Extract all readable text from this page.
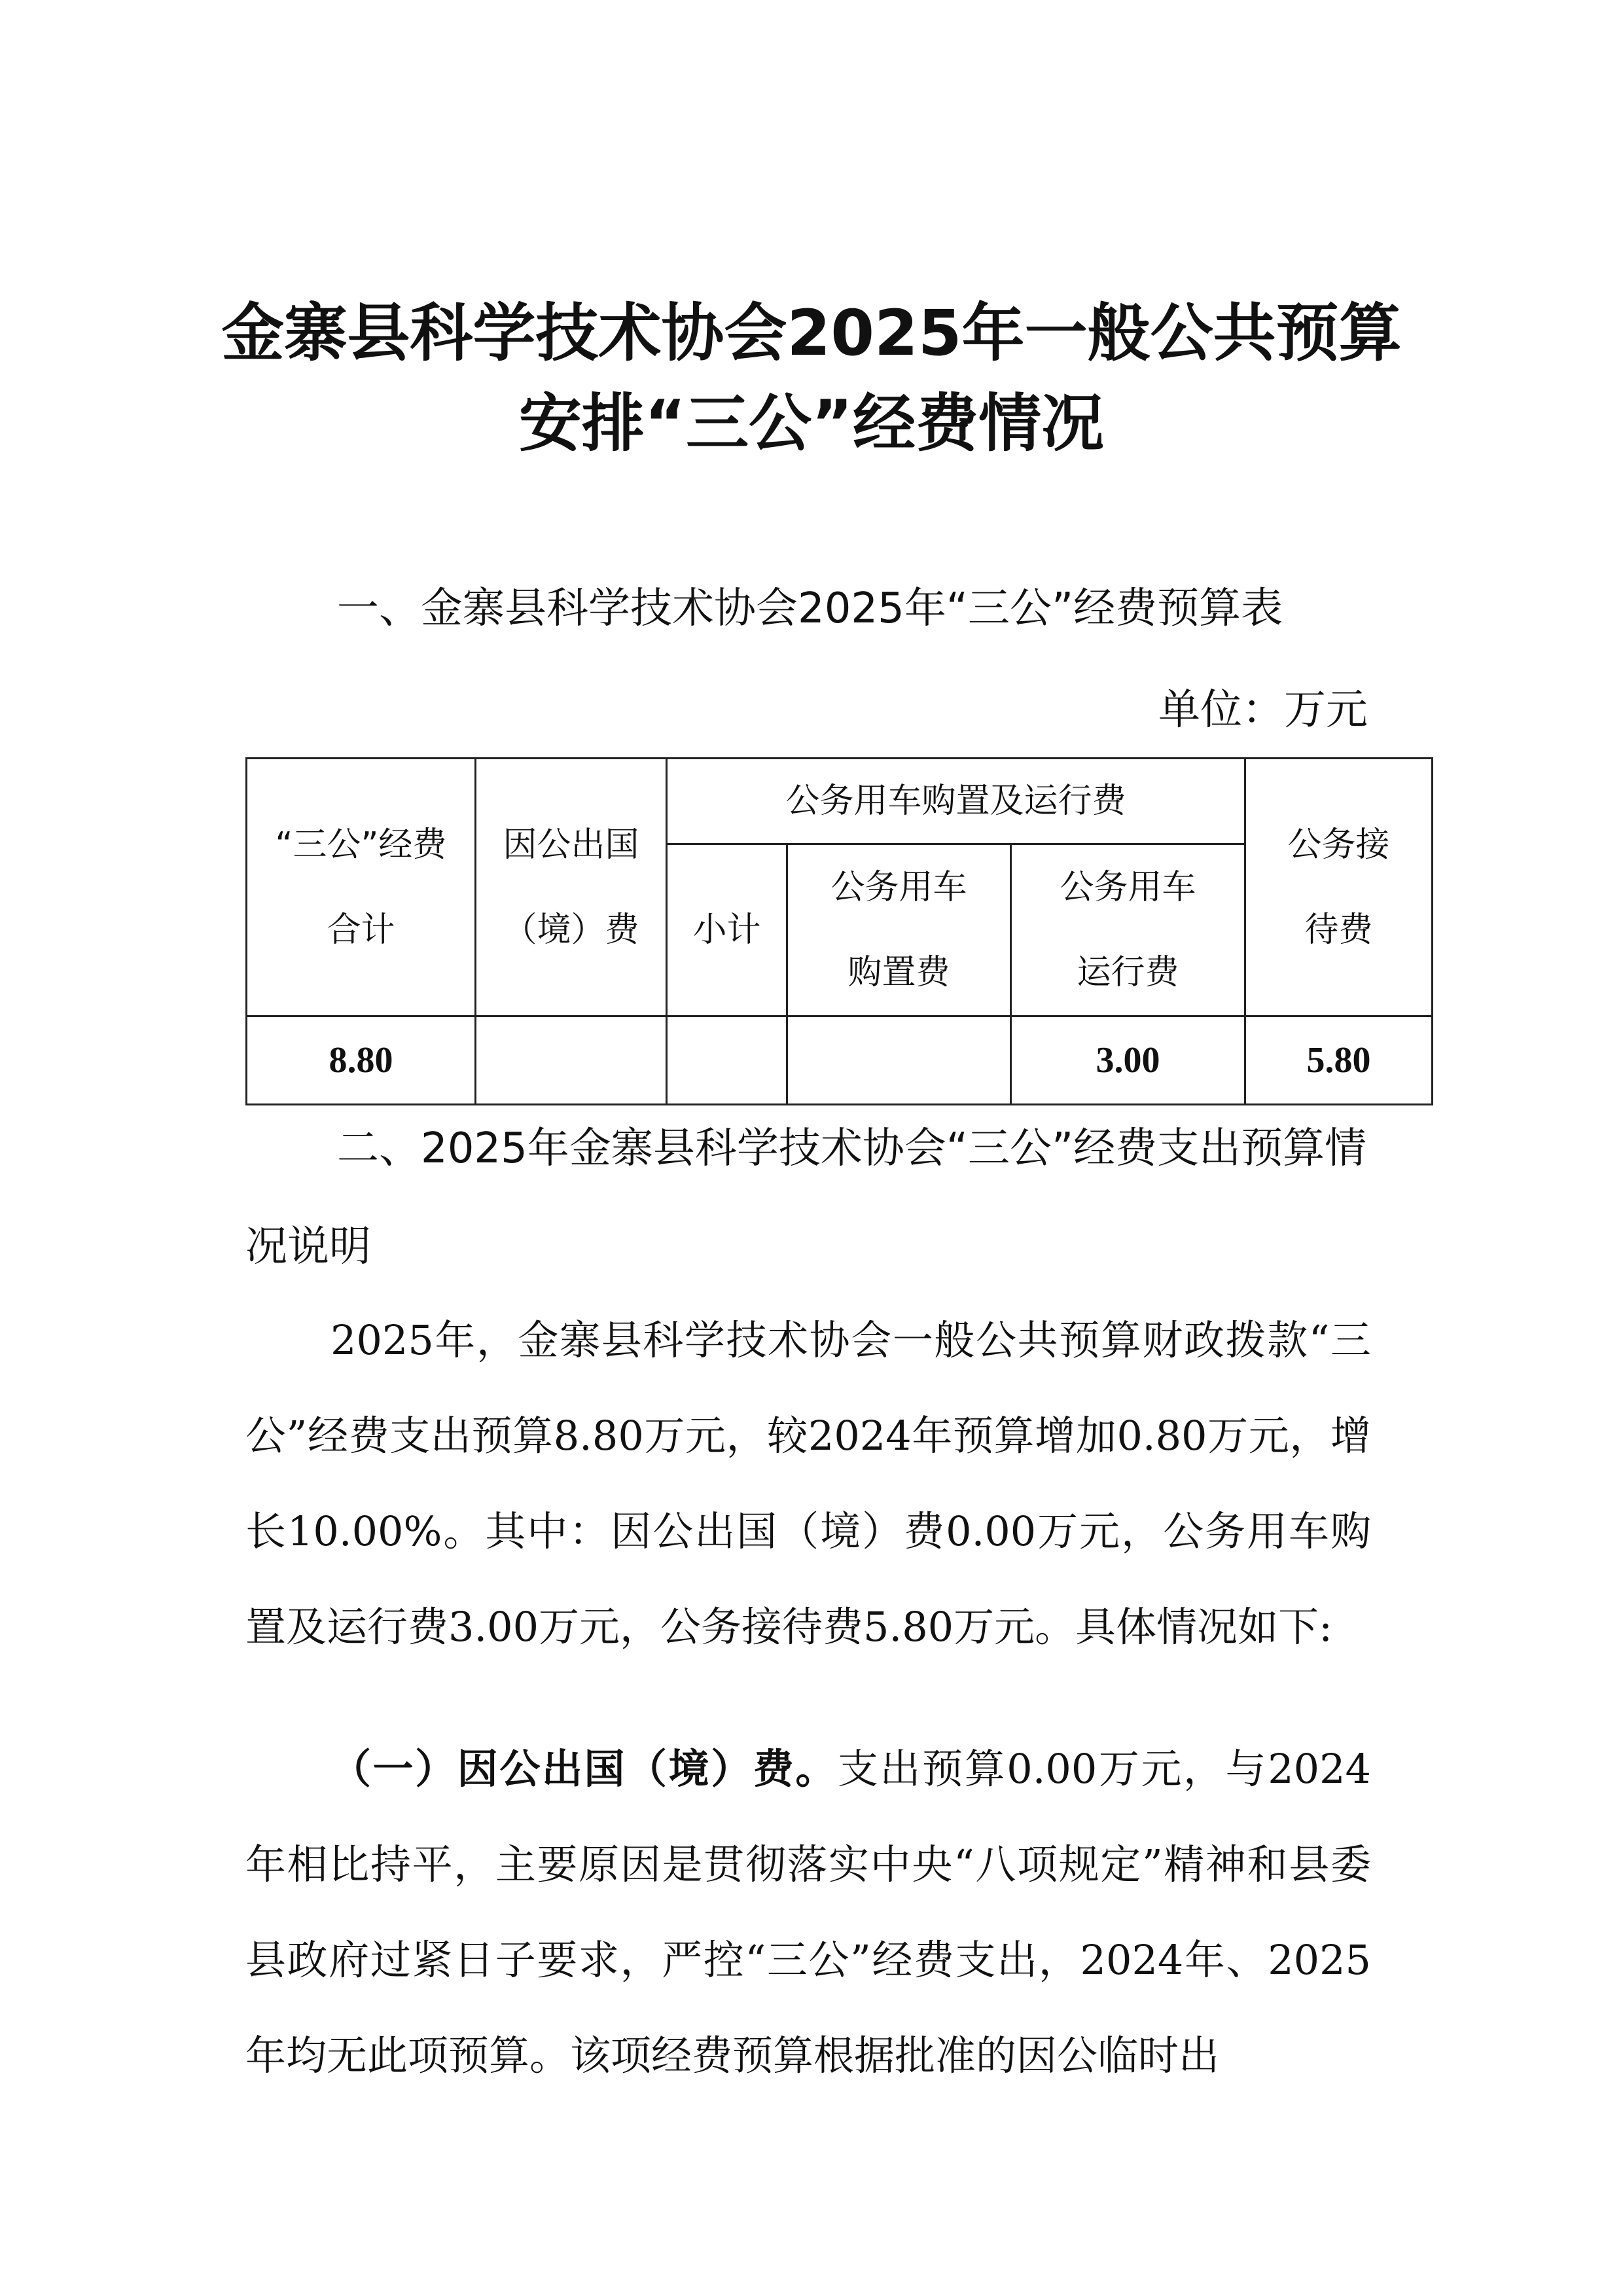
金寨县科学技术协会2025年一般公共预算
安排“三公”经费情况
一、金寨县科学技术协会2025年“三公”经费预算表
单位：万元
“三公”经费合计	因公出国（境）费	公务用车购置及运行费			公务接待费
		小计	公务用车购置费	公务用车运行费	
8.80				3.00	5.80
二、2025年金寨县科学技术协会“三公”经费支出预算情况说明
2025年，金寨县科学技术协会一般公共预算财政拨款“三公”经费支出预算8.80万元，较2024年预算增加0.80万元，增长10.00%。其中：因公出国（境）费0.00万元，公务用车购置及运行费3.00万元，公务接待费5.80万元。具体情况如下:
（一）因公出国（境）费。支出预算0.00万元，与2024年相比持平，主要原因是贯彻落实中央“八项规定”精神和县委县政府过紧日子要求，严控“三公”经费支出，2024年、2025年均无此项预算。该项经费预算根据批准的因公临时出
